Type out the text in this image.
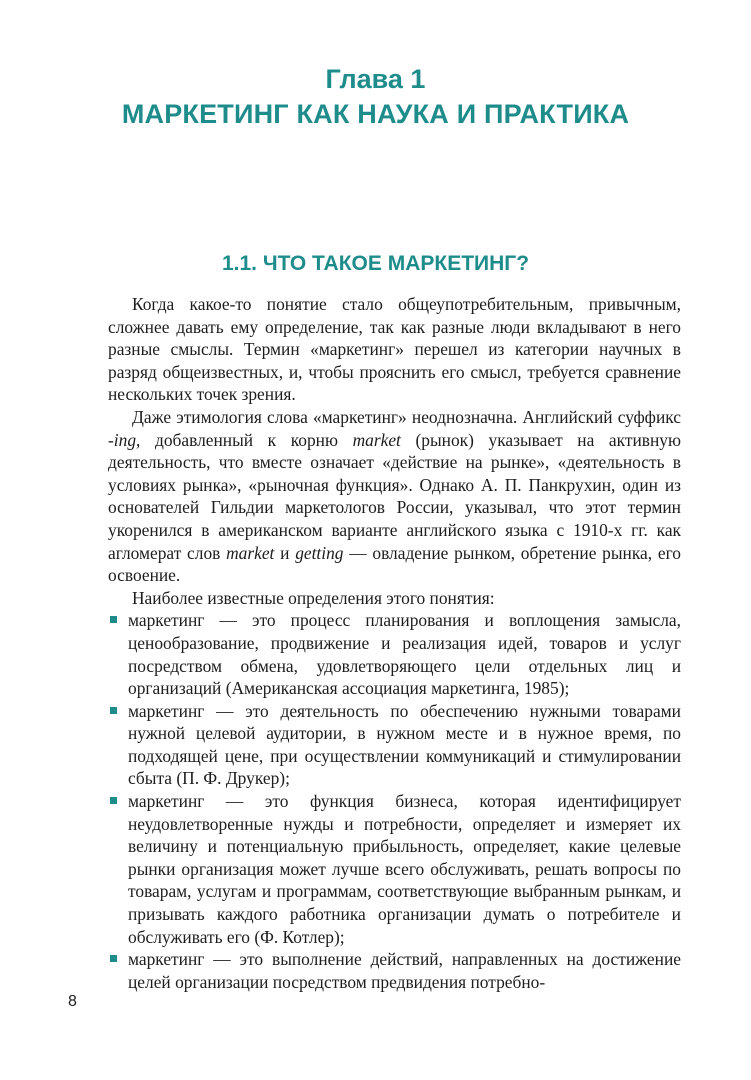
Глава 1
МАРКЕТИНГ КАК НАУКА И ПРАКТИКА
1.1. ЧТО ТАКОЕ МАРКЕТИНГ?

Когда какое-то понятие стало общеупотребительным, привычным, сложнее давать ему определение, так как разные люди вкладывают в него разные смыслы. Термин «маркетинг» перешел из категории научных в разряд общеизвестных, и, чтобы прояснить его смысл, требуется сравнение нескольких точек зрения.

Даже этимология слова «маркетинг» неоднозначна. Английский суффикс -ing, добавленный к корню market (рынок) указывает на активную деятельность, что вместе означает «действие на рынке», «деятельность в условиях рынка», «рыночная функция». Однако А. П. Панкрухин, один из основателей Гильдии маркетологов России, указывал, что этот термин укоренился в американском варианте английского языка с 1910-х гг. как агломерат слов market и getting — овладение рынком, обретение рынка, его освоение.

Наиболее известные определения этого понятия:

маркетинг — это процесс планирования и воплощения замысла, ценообразование, продвижение и реализация идей, товаров и услуг посредством обмена, удовлетворяющего цели отдельных лиц и организаций (Американская ассоциация маркетинга, 1985);
маркетинг — это деятельность по обеспечению нужными товарами нужной целевой аудитории, в нужном месте и в нужное время, по подходящей цене, при осуществлении коммуникаций и стимулировании сбыта (П. Ф. Друкер);
маркетинг — это функция бизнеса, которая идентифицирует неудовлетворенные нужды и потребности, определяет и измеряет их величину и потенциальную прибыльность, определяет, какие целевые рынки организация может лучше всего обслуживать, решать вопросы по товарам, услугам и программам, соответствующие выбранным рынкам, и призывать каждого работника организации думать о потребителе и обслуживать его (Ф. Котлер);
маркетинг — это выполнение действий, направленных на достижение целей организации посредством предвидения потребно-
8
